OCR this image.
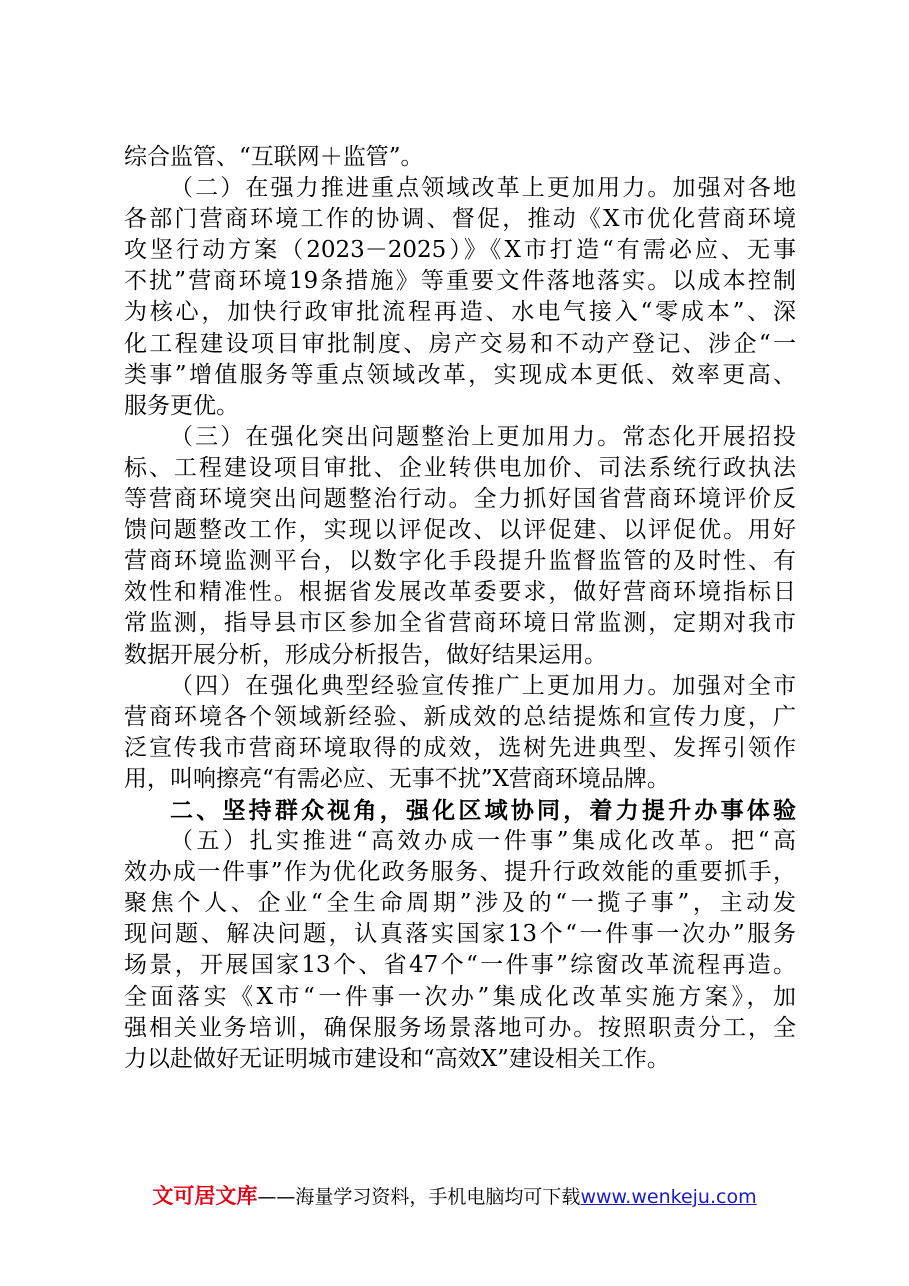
综合监管、“互联网＋监管”。
（二）在强力推进重点领域改革上更加用力。加强对各地
各部门营商环境工作的协调、督促，推动《X市优化营商环境
攻坚行动方案（2023－2025）》《X市打造“有需必应、无事
不扰”营商环境19条措施》等重要文件落地落实。以成本控制
为核心，加快行政审批流程再造、水电气接入“零成本”、深
化工程建设项目审批制度、房产交易和不动产登记、涉企“一
类事”增值服务等重点领域改革，实现成本更低、效率更高、
服务更优。
（三）在强化突出问题整治上更加用力。常态化开展招投
标、工程建设项目审批、企业转供电加价、司法系统行政执法
等营商环境突出问题整治行动。全力抓好国省营商环境评价反
馈问题整改工作，实现以评促改、以评促建、以评促优。用好
营商环境监测平台，以数字化手段提升监督监管的及时性、有
效性和精准性。根据省发展改革委要求，做好营商环境指标日
常监测，指导县市区参加全省营商环境日常监测，定期对我市
数据开展分析，形成分析报告，做好结果运用。
（四）在强化典型经验宣传推广上更加用力。加强对全市
营商环境各个领域新经验、新成效的总结提炼和宣传力度，广
泛宣传我市营商环境取得的成效，选树先进典型、发挥引领作
用，叫响擦亮“有需必应、无事不扰”X营商环境品牌。
二、坚持群众视角，强化区域协同，着力提升办事体验
（五）扎实推进“高效办成一件事”集成化改革。把“高
效办成一件事”作为优化政务服务、提升行政效能的重要抓手，
聚焦个人、企业“全生命周期”涉及的“一揽子事”，主动发
现问题、解决问题，认真落实国家13个“一件事一次办”服务
场景，开展国家13个、省47个“一件事”综窗改革流程再造。
全面落实《X市“一件事一次办”集成化改革实施方案》，加
强相关业务培训，确保服务场景落地可办。按照职责分工，全
力以赴做好无证明城市建设和“高效X”建设相关工作。
文可居文库——海量学习资料，手机电脑均可下载www.wenkeju.com
